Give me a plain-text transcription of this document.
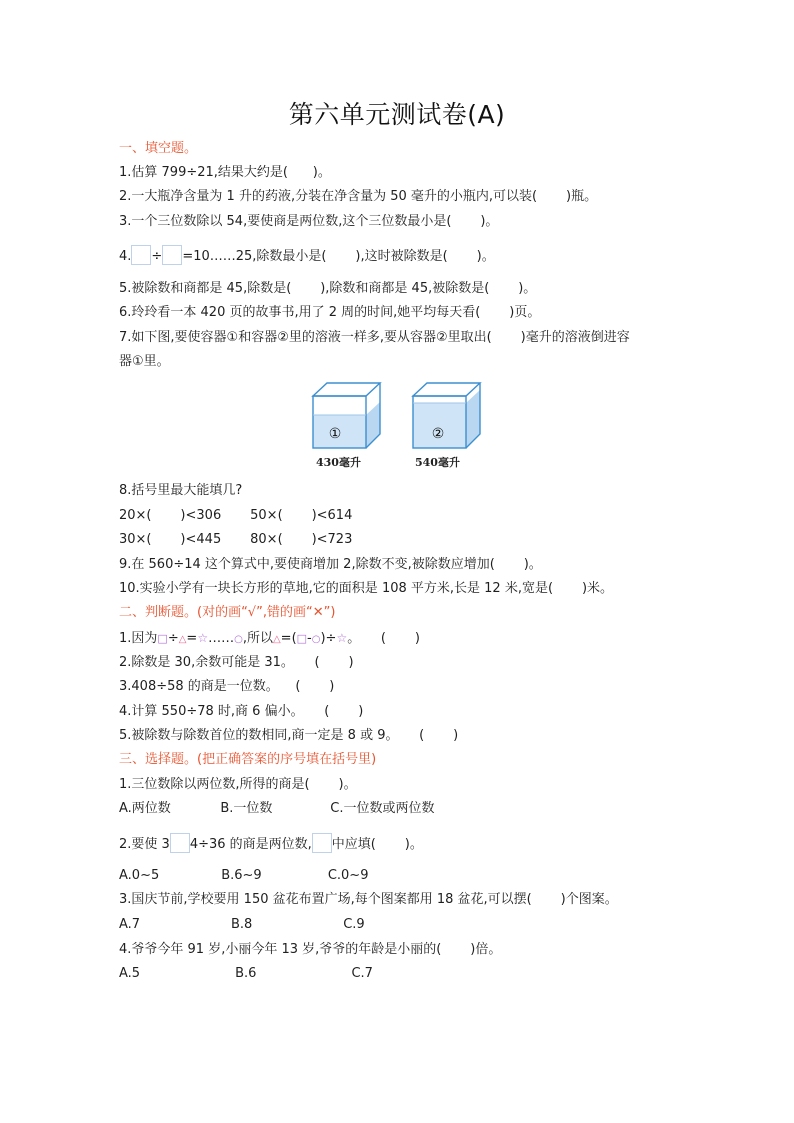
第六单元测试卷(A)
一、填空题。
1.估算 799÷21,结果大约是(      )。
2.一大瓶净含量为 1 升的药液,分装在净含量为 50 毫升的小瓶内,可以装(       )瓶。
3.一个三位数除以 54,要使商是两位数,这个三位数最小是(       )。
4. ÷ =10……25,除数最小是(       ),这时被除数是(       )。
5.被除数和商都是 45,除数是(       ),除数和商都是 45,被除数是(       )。
6.玲玲看一本 420 页的故事书,用了 2 周的时间,她平均每天看(       )页。
7.如下图,要使容器①和容器②里的溶液一样多,要从容器②里取出(       )毫升的溶液倒进容
器①里。
①	②
430毫升	540毫升
8.括号里最大能填几?
20×(       )<306       50×(       )<614
30×(       )<445       80×(       )<723
9.在 560÷14 这个算式中,要使商增加 2,除数不变,被除数应增加(       )。
10.实验小学有一块长方形的草地,它的面积是 108 平方米,长是 12 米,宽是(       )米。
二、判断题。(对的画“√”,错的画“✕”)
1.因为□÷△=☆……○,所以△=(□-○)÷☆。     (       )
2.除数是 30,余数可能是 31。     (       )
3.408÷58 的商是一位数。    (       )
4.计算 550÷78 时,商 6 偏小。     (       )
5.被除数与除数首位的数相同,商一定是 8 或 9。     (       )
三、选择题。(把正确答案的序号填在括号里)
1.三位数除以两位数,所得的商是(       )。
A.两位数            B.一位数              C.一位数或两位数
2.要使 3 4÷36 的商是两位数, 中应填(       )。
A.0~5               B.6~9                C.0~9
3.国庆节前,学校要用 150 盆花布置广场,每个图案都用 18 盆花,可以摆(       )个图案。
A.7                      B.8                      C.9
4.爷爷今年 91 岁,小丽今年 13 岁,爷爷的年龄是小丽的(       )倍。
A.5                       B.6                       C.7
